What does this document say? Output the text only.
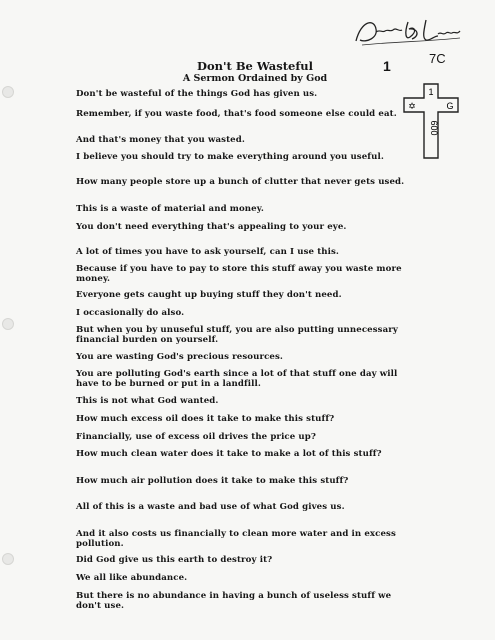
1	7C
1
✡	G
600
Don't Be Wasteful
A Sermon Ordained by God
Don't be wasteful of the things God has given us.
Remember, if you waste food, that's food someone else could eat.
And that's money that you wasted.
I believe you should try to make everything around you useful.
How many people store up a bunch of clutter that never gets used.
This is a waste of material and money.
You don't need everything that's appealing to your eye.
A lot of times you have to ask yourself, can I use this.
Because if you have to pay to store this stuff away you waste more money.
Everyone gets caught up buying stuff they don't need.
I occasionally do also.
But when you by unuseful stuff, you are also putting unnecessary financial burden on yourself.
You are wasting God's precious resources.
You are polluting God's earth since a lot of that stuff one day will have to be burned or put in a landfill.
This is not what God wanted.
How much excess oil does it take to make this stuff?
Financially, use of excess oil drives the price up?
How much clean water does it take to make a lot of this stuff?
How much air pollution does it take to make this stuff?
All of this is a waste and bad use of what God gives us.
And it also costs us financially to clean more water and in excess pollution.
Did God give us this earth to destroy it?
We all like abundance.
But there is no abundance in having a bunch of useless stuff we don't use.
